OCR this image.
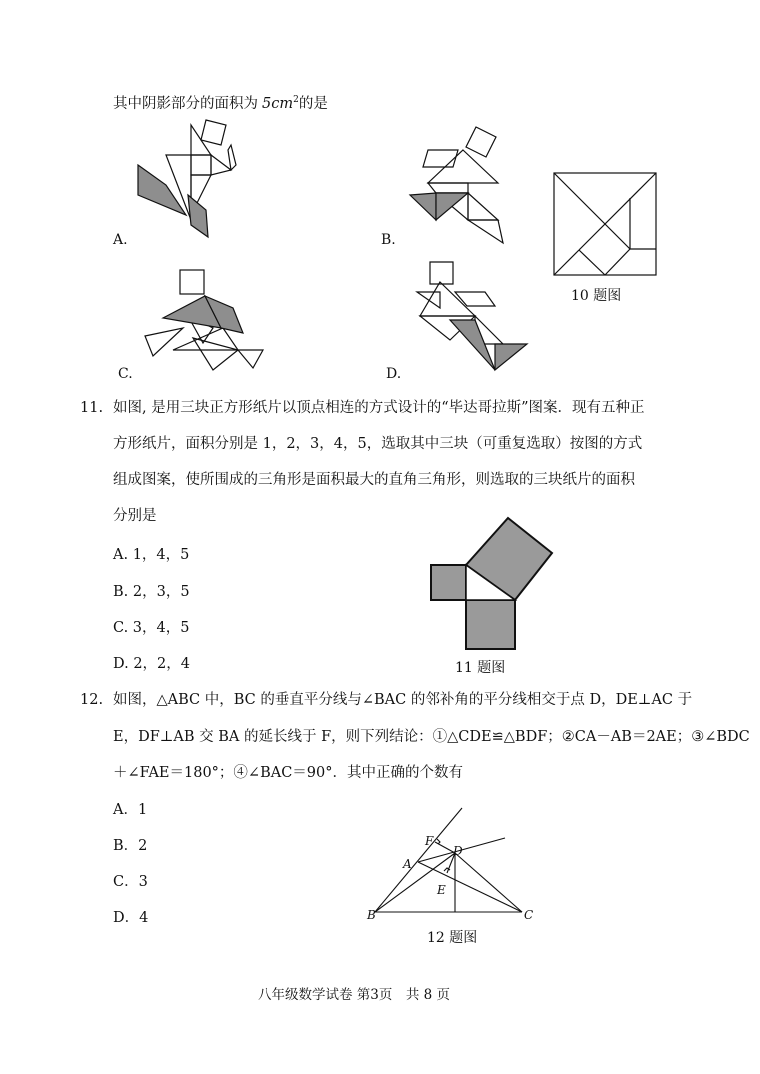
其中阴影部分的面积为 $5cm^2$的是
A.	B.
10 题图
C.	D.
11. 如图, 是用三块正方形纸片以顶点相连的方式设计的“毕达哥拉斯”图案．现有五种正
方形纸片，面积分别是 1，2，3，4，5，选取其中三块（可重复选取）按图的方式
组成图案，使所围成的三角形是面积最大的直角三角形，则选取的三块纸片的面积
分别是
A. 1，4，5
B. 2，3，5
C. 3，4，5
D. 2，2，4	11 题图
12. 如图，△ABC 中，BC 的垂直平分线与∠BAC 的邻补角的平分线相交于点 D，DE⊥AC 于
E，DF⊥AB 交 BA 的延长线于 F，则下列结论：①△CDE≌△BDF；②CA－AB＝2AE；③∠BDC
＋∠FAE＝180°；④∠BAC＝90°．其中正确的个数有
A．1
B．2
C．3
D．4
F
D
A
E
B	C
12 题图
八年级数学试卷 第3页　共 8 页
